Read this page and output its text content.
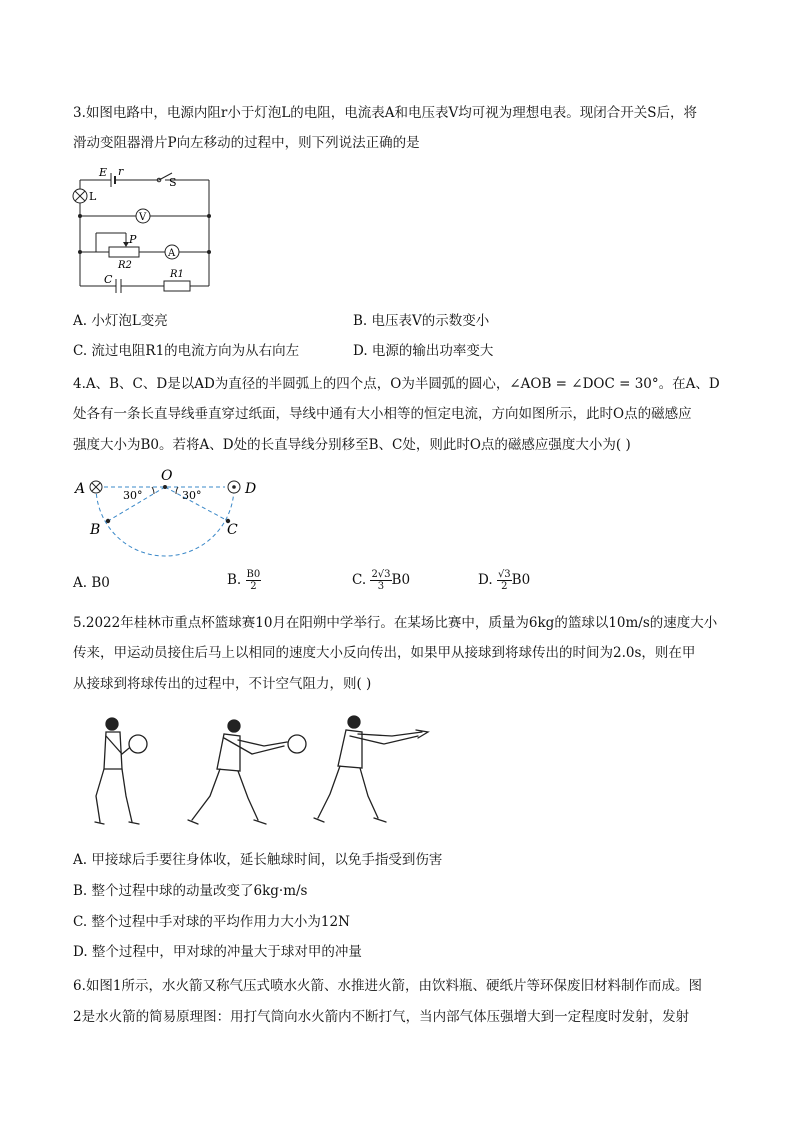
3.如图电路中，电源内阻r小于灯泡L的电阻，电流表A和电压表V均可视为理想电表。现闭合开关S后，将
滑动变阻器滑片P向左移动的过程中，则下列说法正确的是
E r
S
L
V
A
P
R2
C	R1
A. 小灯泡L变亮	B. 电压表V的示数变小
C. 流过电阻R1的电流方向为从右向左	D. 电源的输出功率变大
4.A、B、C、D是以AD为直径的半圆弧上的四个点，O为半圆弧的圆心，∠AOB = ∠DOC = 30°。在A、D
处各有一条长直导线垂直穿过纸面，导线中通有大小相等的恒定电流，方向如图所示，此时O点的磁感应
强度大小为B0。若将A、D处的长直导线分别移至B、C处，则此时O点的磁感应强度大小为( )
A	D
O
B	C
30°	30°
A. B0	B. $\frac{B0}{2}$	C. $\frac{2√3}{3} B0$	D. $\frac{√3}{2} B0$
5.2022年桂林市重点杯篮球赛10月在阳朔中学举行。在某场比赛中，质量为6kg的篮球以10m/s的速度大小
传来，甲运动员接住后马上以相同的速度大小反向传出，如果甲从接球到将球传出的时间为2.0s，则在甲
从接球到将球传出的过程中，不计空气阻力，则( )
A. 甲接球后手要往身体收，延长触球时间，以免手指受到伤害
B. 整个过程中球的动量改变了6kg·m/s
C. 整个过程中手对球的平均作用力大小为12N
D. 整个过程中，甲对球的冲量大于球对甲的冲量
6.如图1所示，水火箭又称气压式喷水火箭、水推进火箭，由饮料瓶、硬纸片等环保废旧材料制作而成。图
2是水火箭的简易原理图：用打气筒向水火箭内不断打气，当内部气体压强增大到一定程度时发射，发射
